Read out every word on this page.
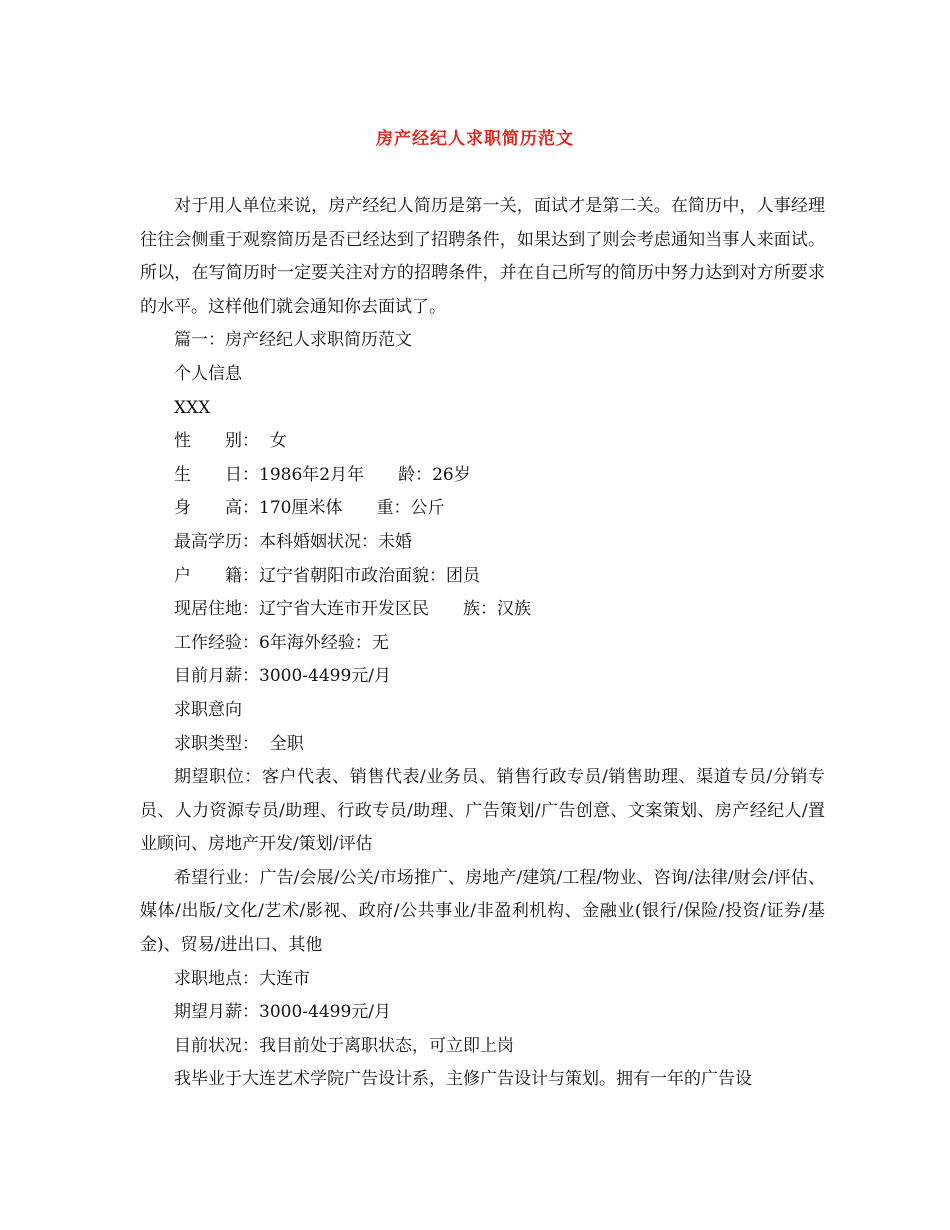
房产经纪人求职简历范文

对于用人单位来说，房产经纪人简历是第一关，面试才是第二关。在简历中，人事经理往往会侧重于观察简历是否已经达到了招聘条件，如果达到了则会考虑通知当事人来面试。所以，在写简历时一定要关注对方的招聘条件，并在自己所写的简历中努力达到对方所要求的水平。这样他们就会通知你去面试了。

篇一：房产经纪人求职简历范文

个人信息

XXX

性　　别：  女

生　　日：1986年2月年　　龄：26岁

身　　高：170厘米体　　重：公斤

最高学历：本科婚姻状况：未婚

户　　籍：辽宁省朝阳市政治面貌：团员

现居住地：辽宁省大连市开发区民　　族：汉族

工作经验：6年海外经验：无

目前月薪：3000-4499元/月

求职意向

求职类型：  全职

期望职位：客户代表、销售代表/业务员、销售行政专员/销售助理、渠道专员/分销专员、人力资源专员/助理、行政专员/助理、广告策划/广告创意、文案策划、房产经纪人/置业顾问、房地产开发/策划/评估

希望行业：广告/会展/公关/市场推广、房地产/建筑/工程/物业、咨询/法律/财会/评估、媒体/出版/文化/艺术/影视、政府/公共事业/非盈利机构、金融业(银行/保险/投资/证券/基金)、贸易/进出口、其他

求职地点：大连市

期望月薪：3000-4499元/月

目前状况：我目前处于离职状态，可立即上岗

我毕业于大连艺术学院广告设计系，主修广告设计与策划。拥有一年的广告设
